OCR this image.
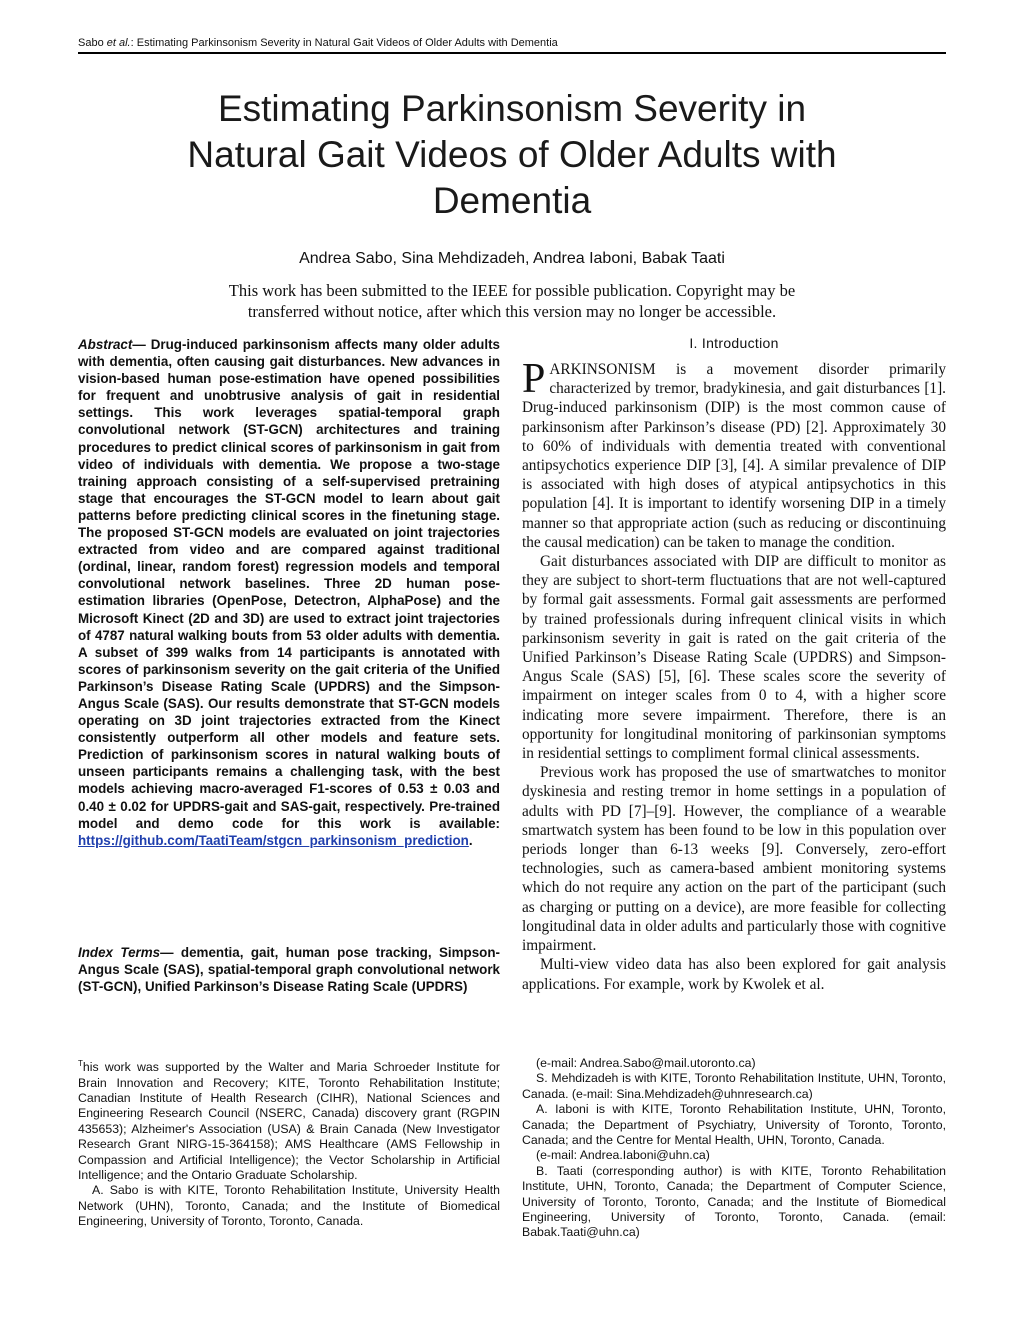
Sabo et al.: Estimating Parkinsonism Severity in Natural Gait Videos of Older Adults with Dementia
Estimating Parkinsonism Severity in
Natural Gait Videos of Older Adults with
Dementia
Andrea Sabo, Sina Mehdizadeh, Andrea Iaboni, Babak Taati
This work has been submitted to the IEEE for possible publication. Copyright may be
transferred without notice, after which this version may no longer be accessible.
Abstract— Drug-induced parkinsonism affects many older adults with dementia, often causing gait disturbances. New advances in vision-based human pose-estimation have opened possibilities for frequent and unobtrusive analysis of gait in residential settings. This work leverages spatial-temporal graph convolutional network (ST-GCN) architectures and training procedures to predict clinical scores of parkinsonism in gait from video of individuals with dementia. We propose a two-stage training approach consisting of a self-supervised pretraining stage that encourages the ST-GCN model to learn about gait patterns before predicting clinical scores in the finetuning stage. The proposed ST-GCN models are evaluated on joint trajectories extracted from video and are compared against traditional (ordinal, linear, random forest) regression models and temporal convolutional network baselines. Three 2D human pose-estimation libraries (OpenPose, Detectron, AlphaPose) and the Microsoft Kinect (2D and 3D) are used to extract joint trajectories of 4787 natural walking bouts from 53 older adults with dementia. A subset of 399 walks from 14 participants is annotated with scores of parkinsonism severity on the gait criteria of the Unified Parkinson’s Disease Rating Scale (UPDRS) and the Simpson-Angus Scale (SAS). Our results demonstrate that ST-GCN models operating on 3D joint trajectories extracted from the Kinect consistently outperform all other models and feature sets. Prediction of parkinsonism scores in natural walking bouts of unseen participants remains a challenging task, with the best models achieving macro-averaged F1-scores of 0.53 ± 0.03 and 0.40 ± 0.02 for UPDRS-gait and SAS-gait, respectively. Pre-trained model and demo code for this work is available: https://github.com/TaatiTeam/stgcn_parkinsonism_prediction.
Index Terms— dementia, gait, human pose tracking, Simpson-Angus Scale (SAS), spatial-temporal graph convolutional network (ST-GCN), Unified Parkinson’s Disease Rating Scale (UPDRS)
I. Introduction

PARKINSONISM is a movement disorder primarily characterized by tremor, bradykinesia, and gait disturbances [1]. Drug-induced parkinsonism (DIP) is the most common cause of parkinsonism after Parkinson’s disease (PD) [2]. Approximately 30 to 60% of individuals with dementia treated with conventional antipsychotics experience DIP [3], [4]. A similar prevalence of DIP is associated with high doses of atypical antipsychotics in this population [4]. It is important to identify worsening DIP in a timely manner so that appropriate action (such as reducing or discontinuing the causal medication) can be taken to manage the condition.

Gait disturbances associated with DIP are difficult to monitor as they are subject to short-term fluctuations that are not well-captured by formal gait assessments. Formal gait assessments are performed by trained professionals during infrequent clinical visits in which parkinsonism severity in gait is rated on the gait criteria of the Unified Parkinson’s Disease Rating Scale (UPDRS) and Simpson-Angus Scale (SAS) [5], [6]. These scales score the severity of impairment on integer scales from 0 to 4, with a higher score indicating more severe impairment. Therefore, there is an opportunity for longitudinal monitoring of parkinsonian symptoms in residential settings to compliment formal clinical assessments.

Previous work has proposed the use of smartwatches to monitor dyskinesia and resting tremor in home settings in a population of adults with PD [7]–[9]. However, the compliance of a wearable smartwatch system has been found to be low in this population over periods longer than 6-13 weeks [9]. Conversely, zero-effort technologies, such as camera-based ambient monitoring systems which do not require any action on the part of the participant (such as charging or putting on a device), are more feasible for collecting longitudinal data in older adults and particularly those with cognitive impairment.

Multi-view video data has also been explored for gait analysis applications. For example, work by Kwolek et al.

$^T$his work was supported by the Walter and Maria Schroeder Institute for Brain Innovation and Recovery; KITE, Toronto Rehabilitation Institute; Canadian Institute of Health Research (CIHR), National Sciences and Engineering Research Council (NSERC, Canada) discovery grant (RGPIN 435653); Alzheimer's Association (USA) & Brain Canada (New Investigator Research Grant NIRG-15-364158); AMS Healthcare (AMS Fellowship in Compassion and Artificial Intelligence); the Vector Scholarship in Artificial Intelligence; and the Ontario Graduate Scholarship.

A. Sabo is with KITE, Toronto Rehabilitation Institute, University Health Network (UHN), Toronto, Canada; and the Institute of Biomedical Engineering, University of Toronto, Toronto, Canada.

(e-mail: Andrea.Sabo@mail.utoronto.ca)

S. Mehdizadeh is with KITE, Toronto Rehabilitation Institute, UHN, Toronto, Canada. (e-mail: Sina.Mehdizadeh@uhnresearch.ca)

A. Iaboni is with KITE, Toronto Rehabilitation Institute, UHN, Toronto, Canada; the Department of Psychiatry, University of Toronto, Toronto, Canada; and the Centre for Mental Health, UHN, Toronto, Canada.

(e-mail: Andrea.Iaboni@uhn.ca)

B. Taati (corresponding author) is with KITE, Toronto Rehabilitation Institute, UHN, Toronto, Canada; the Department of Computer Science, University of Toronto, Toronto, Canada; and the Institute of Biomedical Engineering, University of Toronto, Toronto, Canada. (email: Babak.Taati@uhn.ca)
